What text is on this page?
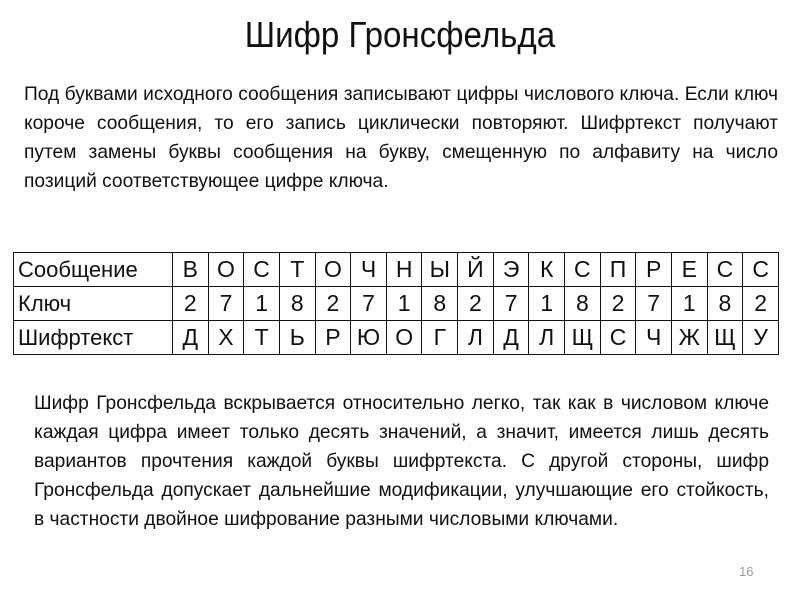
Шифр Гронсфельда
Под буквами исходного сообщения записывают цифры числового ключа. Если ключ короче сообщения, то его запись циклически повторяют. Шифртекст получают путем замены буквы сообщения на букву, смещенную по алфавиту на число позиций соответствующее цифре ключа.
Сообщение	В	О	С	Т	О	Ч	Н	Ы	Й	Э	К	С	П	Р	Е	С	С
Ключ	2	7	1	8	2	7	1	8	2	7	1	8	2	7	1	8	2
Шифртекст	Д	Х	Т	Ь	Р	Ю	О	Г	Л	Д	Л	Щ	С	Ч	Ж	Щ	У
Шифр Гронсфельда вскрывается относительно легко, так как в числовом ключе каждая цифра имеет только десять значений, а значит, имеется лишь десять вариантов прочтения каждой буквы шифртекста. С другой стороны, шифр Гронсфельда допускает дальнейшие модификации, улучшающие его стойкость, в частности двойное шифрование разными числовыми ключами.
16
